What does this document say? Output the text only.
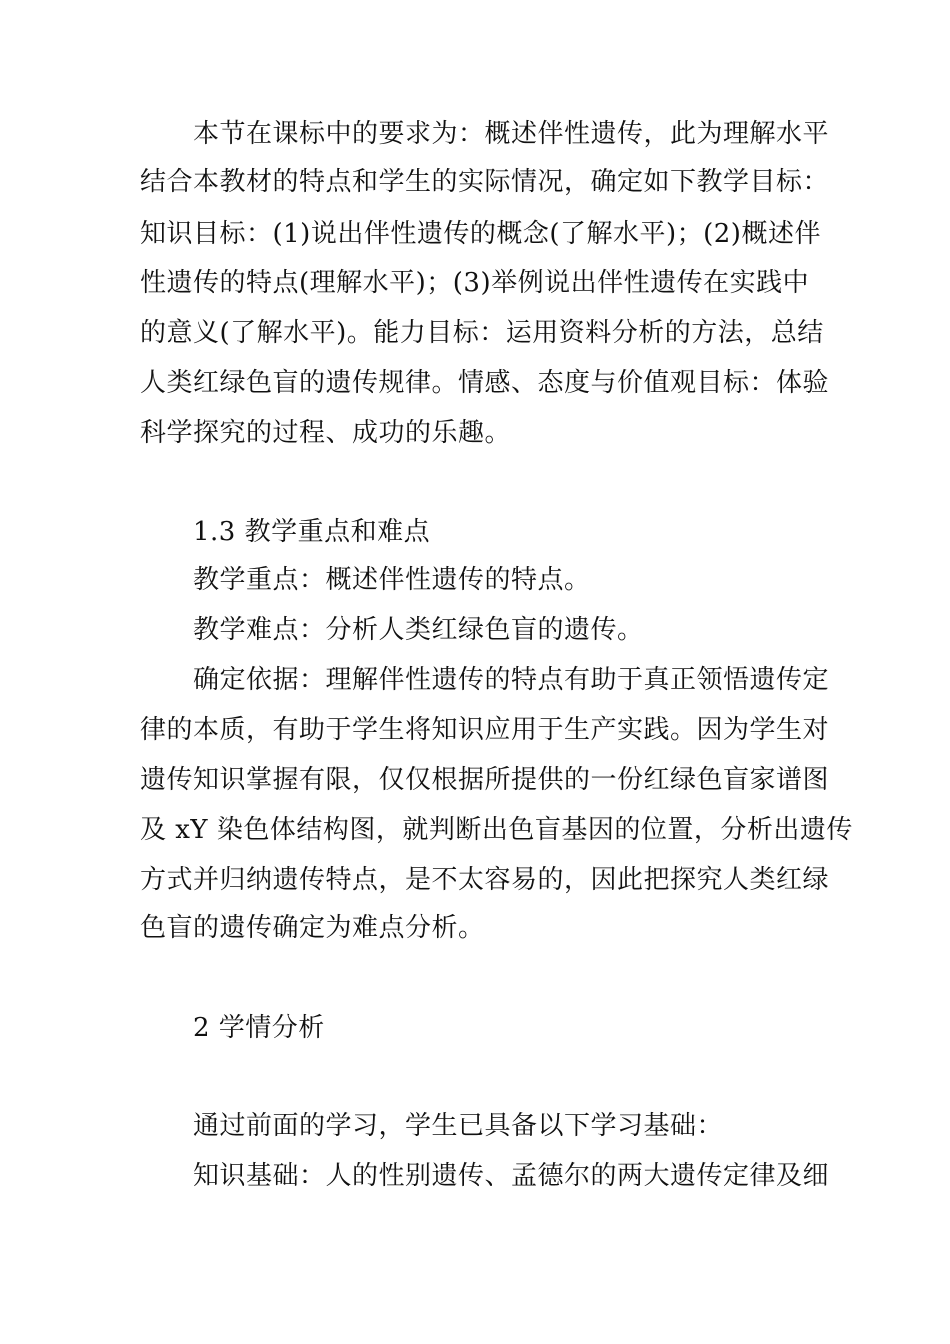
本节在课标中的要求为：概述伴性遗传，此为理解水平
结合本教材的特点和学生的实际情况，确定如下教学目标：
知识目标：(1)说出伴性遗传的概念(了解水平)；(2)概述伴
性遗传的特点(理解水平)；(3)举例说出伴性遗传在实践中
的意义(了解水平)。能力目标：运用资料分析的方法，总结
人类红绿色盲的遗传规律。情感、态度与价值观目标：体验
科学探究的过程、成功的乐趣。
1.3 教学重点和难点
教学重点：概述伴性遗传的特点。
教学难点：分析人类红绿色盲的遗传。
确定依据：理解伴性遗传的特点有助于真正领悟遗传定
律的本质，有助于学生将知识应用于生产实践。因为学生对
遗传知识掌握有限，仅仅根据所提供的一份红绿色盲家谱图
及 xY 染色体结构图，就判断出色盲基因的位置，分析出遗传
方式并归纳遗传特点，是不太容易的，因此把探究人类红绿
色盲的遗传确定为难点分析。
2 学情分析
通过前面的学习，学生已具备以下学习基础：
知识基础：人的性别遗传、孟德尔的两大遗传定律及细
